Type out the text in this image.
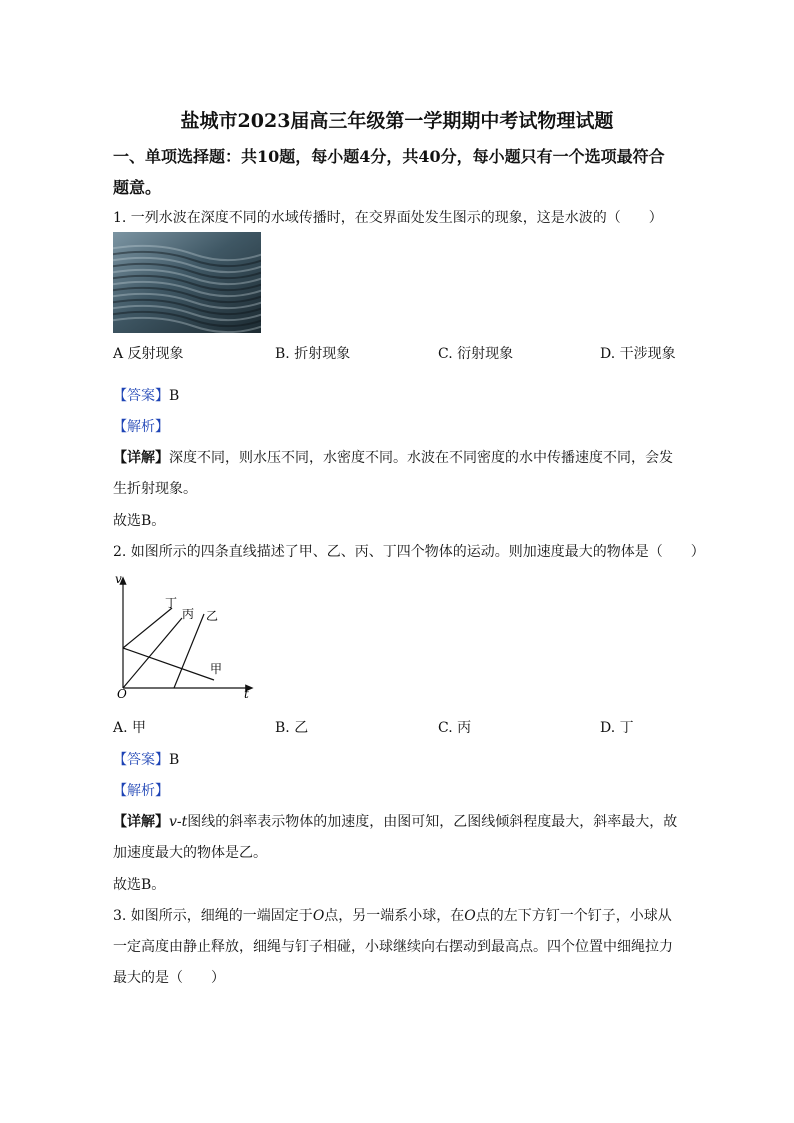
盐城市2023届高三年级第一学期期中考试物理试题
一、单项选择题：共10题，每小题4分，共40分，每小题只有一个选项最符合
题意。
1. 一列水波在深度不同的水域传播时，在交界面处发生图示的现象，这是水波的（　　）
A 反射现象	B. 折射现象	C. 衍射现象	D. 干涉现象
【答案】B
【解析】
【详解】深度不同，则水压不同，水密度不同。水波在不同密度的水中传播速度不同，会发
生折射现象。
故选B。
2. 如图所示的四条直线描述了甲、乙、丙、丁四个物体的运动。则加速度最大的物体是（　　）
v
t
O
丁
丙 乙
甲
A. 甲	B. 乙	C. 丙	D. 丁
【答案】B
【解析】
【详解】v-t图线的斜率表示物体的加速度，由图可知，乙图线倾斜程度最大，斜率最大，故
加速度最大的物体是乙。
故选B。
3. 如图所示，细绳的一端固定于O点，另一端系小球，在O点的左下方钉一个钉子，小球从
一定高度由静止释放，细绳与钉子相碰，小球继续向右摆动到最高点。四个位置中细绳拉力
最大的是（　　）
